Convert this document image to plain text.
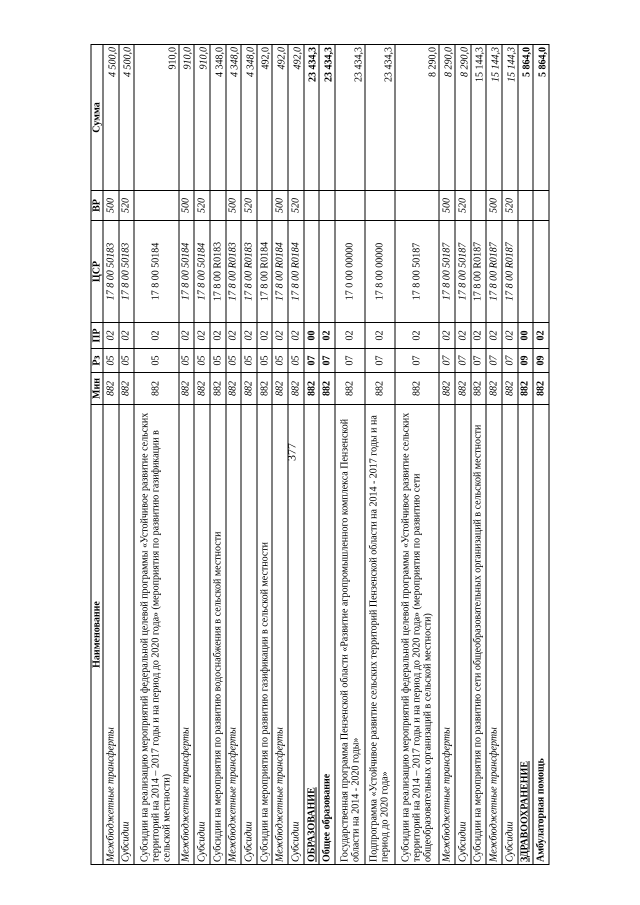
377
Наименование	Мин	Рз	ПР	ЦСР	ВР	Сумма
Межбюджетные трансферты	882	05	02	17 8 00 50183	500	4 500,0
Субсидии	882	05	02	17 8 00 50183	520	4 500,0
Субсидии на реализацию мероприятий федеральной целевой программы «Устойчивое развитие сельских территорий на 2014 – 2017 годы и на период до 2020 года» (мероприятия по развитию газификации в сельской местности)	882	05	02	17 8 00 50184		910,0
Межбюджетные трансферты	882	05	02	17 8 00 50184	500	910,0
Субсидии	882	05	02	17 8 00 50184	520	910,0
Субсидии на мероприятия по развитию водоснабжения в сельской местности	882	05	02	17 8 00 R0183		4 348,0
Межбюджетные трансферты	882	05	02	17 8 00 R0183	500	4 348,0
Субсидии	882	05	02	17 8 00 R0183	520	4 348,0
Субсидии на мероприятия по развитию газификации в сельской местности	882	05	02	17 8 00 R0184		492,0
Межбюджетные трансферты	882	05	02	17 8 00 R0184	500	492,0
Субсидии	882	05	02	17 8 00 R0184	520	492,0
ОБРАЗОВАНИЕ	882	07	00			23 434,3
Общее образование	882	07	02			23 434,3
Государственная программа Пензенской области «Развитие агропромышленного комплекса Пензенской области на 2014 - 2020 годы»	882	07	02	17 0 00 00000		23 434,3
Подпрограмма «Устойчивое развитие сельских территорий Пензенской области на 2014 - 2017 годы и на период до 2020 года»	882	07	02	17 8 00 00000		23 434,3
Субсидии на реализацию мероприятий федеральной целевой программы «Устойчивое развитие сельских территорий на 2014 – 2017 годы и на период до 2020 года» (мероприятия по развитию сети общеобразовательных организаций в сельской местности)	882	07	02	17 8 00 50187		8 290,0
Межбюджетные трансферты	882	07	02	17 8 00 50187	500	8 290,0
Субсидии	882	07	02	17 8 00 50187	520	8 290,0
Субсидии на мероприятия по развитию сети общеобразовательных организаций в сельской местности	882	07	02	17 8 00 R0187		15 144,3
Межбюджетные трансферты	882	07	02	17 8 00 R0187	500	15 144,3
Субсидии	882	07	02	17 8 00 R0187	520	15 144,3
ЗДРАВООХРАНЕНИЕ	882	09	00			5 864,0
Амбулаторная помощь	882	09	02			5 864,0
